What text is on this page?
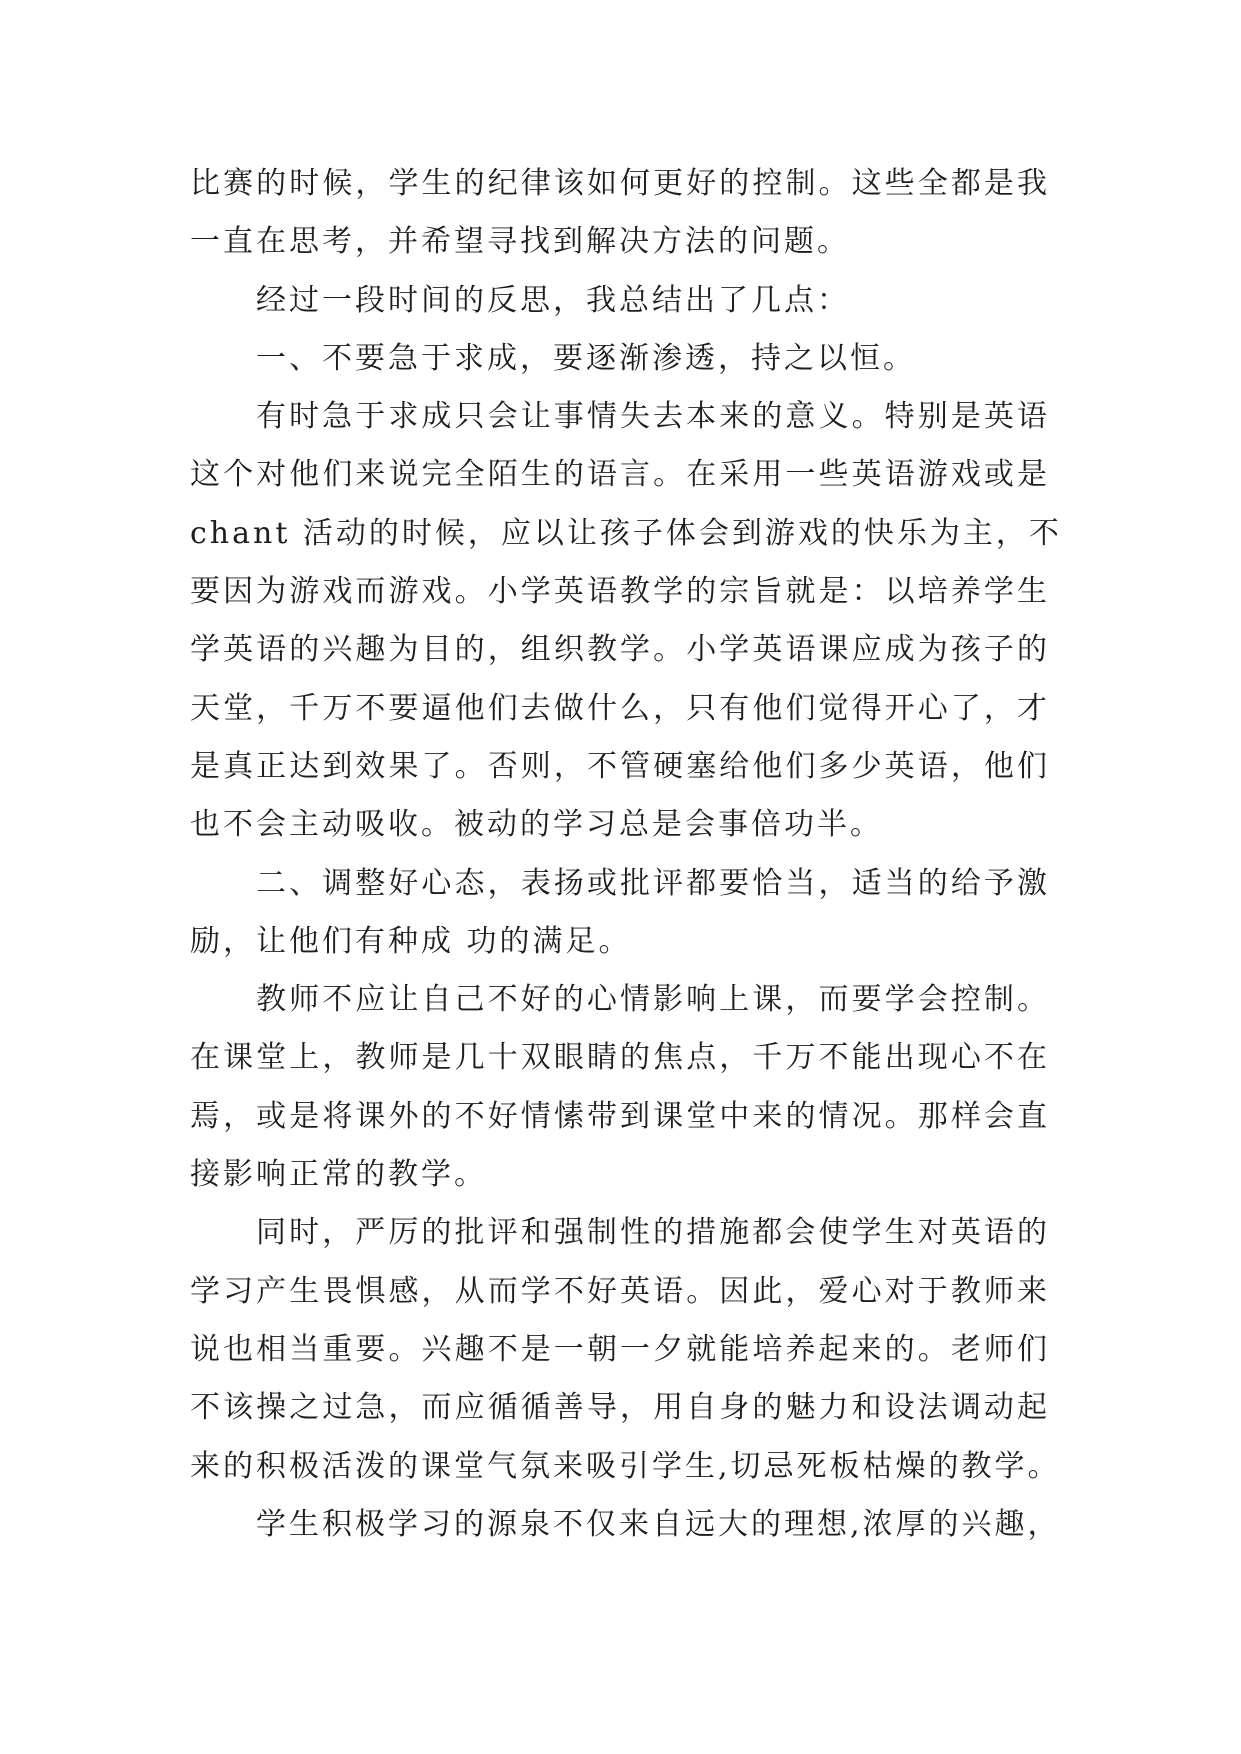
比赛的时候，学生的纪律该如何更好的控制。这些全都是我
一直在思考，并希望寻找到解决方法的问题。
经过一段时间的反思，我总结出了几点：
一、不要急于求成，要逐渐渗透，持之以恒。
有时急于求成只会让事情失去本来的意义。特别是英语
这个对他们来说完全陌生的语言。在采用一些英语游戏或是
chant 活动的时候，应以让孩子体会到游戏的快乐为主，不
要因为游戏而游戏。小学英语教学的宗旨就是：以培养学生
学英语的兴趣为目的，组织教学。小学英语课应成为孩子的
天堂，千万不要逼他们去做什么，只有他们觉得开心了，才
是真正达到效果了。否则，不管硬塞给他们多少英语，他们
也不会主动吸收。被动的学习总是会事倍功半。
二、调整好心态，表扬或批评都要恰当，适当的给予激
励，让他们有种成 功的满足。
教师不应让自己不好的心情影响上课，而要学会控制。
在课堂上，教师是几十双眼睛的焦点，千万不能出现心不在
焉，或是将课外的不好情愫带到课堂中来的情况。那样会直
接影响正常的教学。
同时，严厉的批评和强制性的措施都会使学生对英语的
学习产生畏惧感，从而学不好英语。因此，爱心对于教师来
说也相当重要。兴趣不是一朝一夕就能培养起来的。老师们
不该操之过急，而应循循善导，用自身的魅力和设法调动起
来的积极活泼的课堂气氛来吸引学生,切忌死板枯燥的教学。
学生积极学习的源泉不仅来自远大的理想,浓厚的兴趣，
